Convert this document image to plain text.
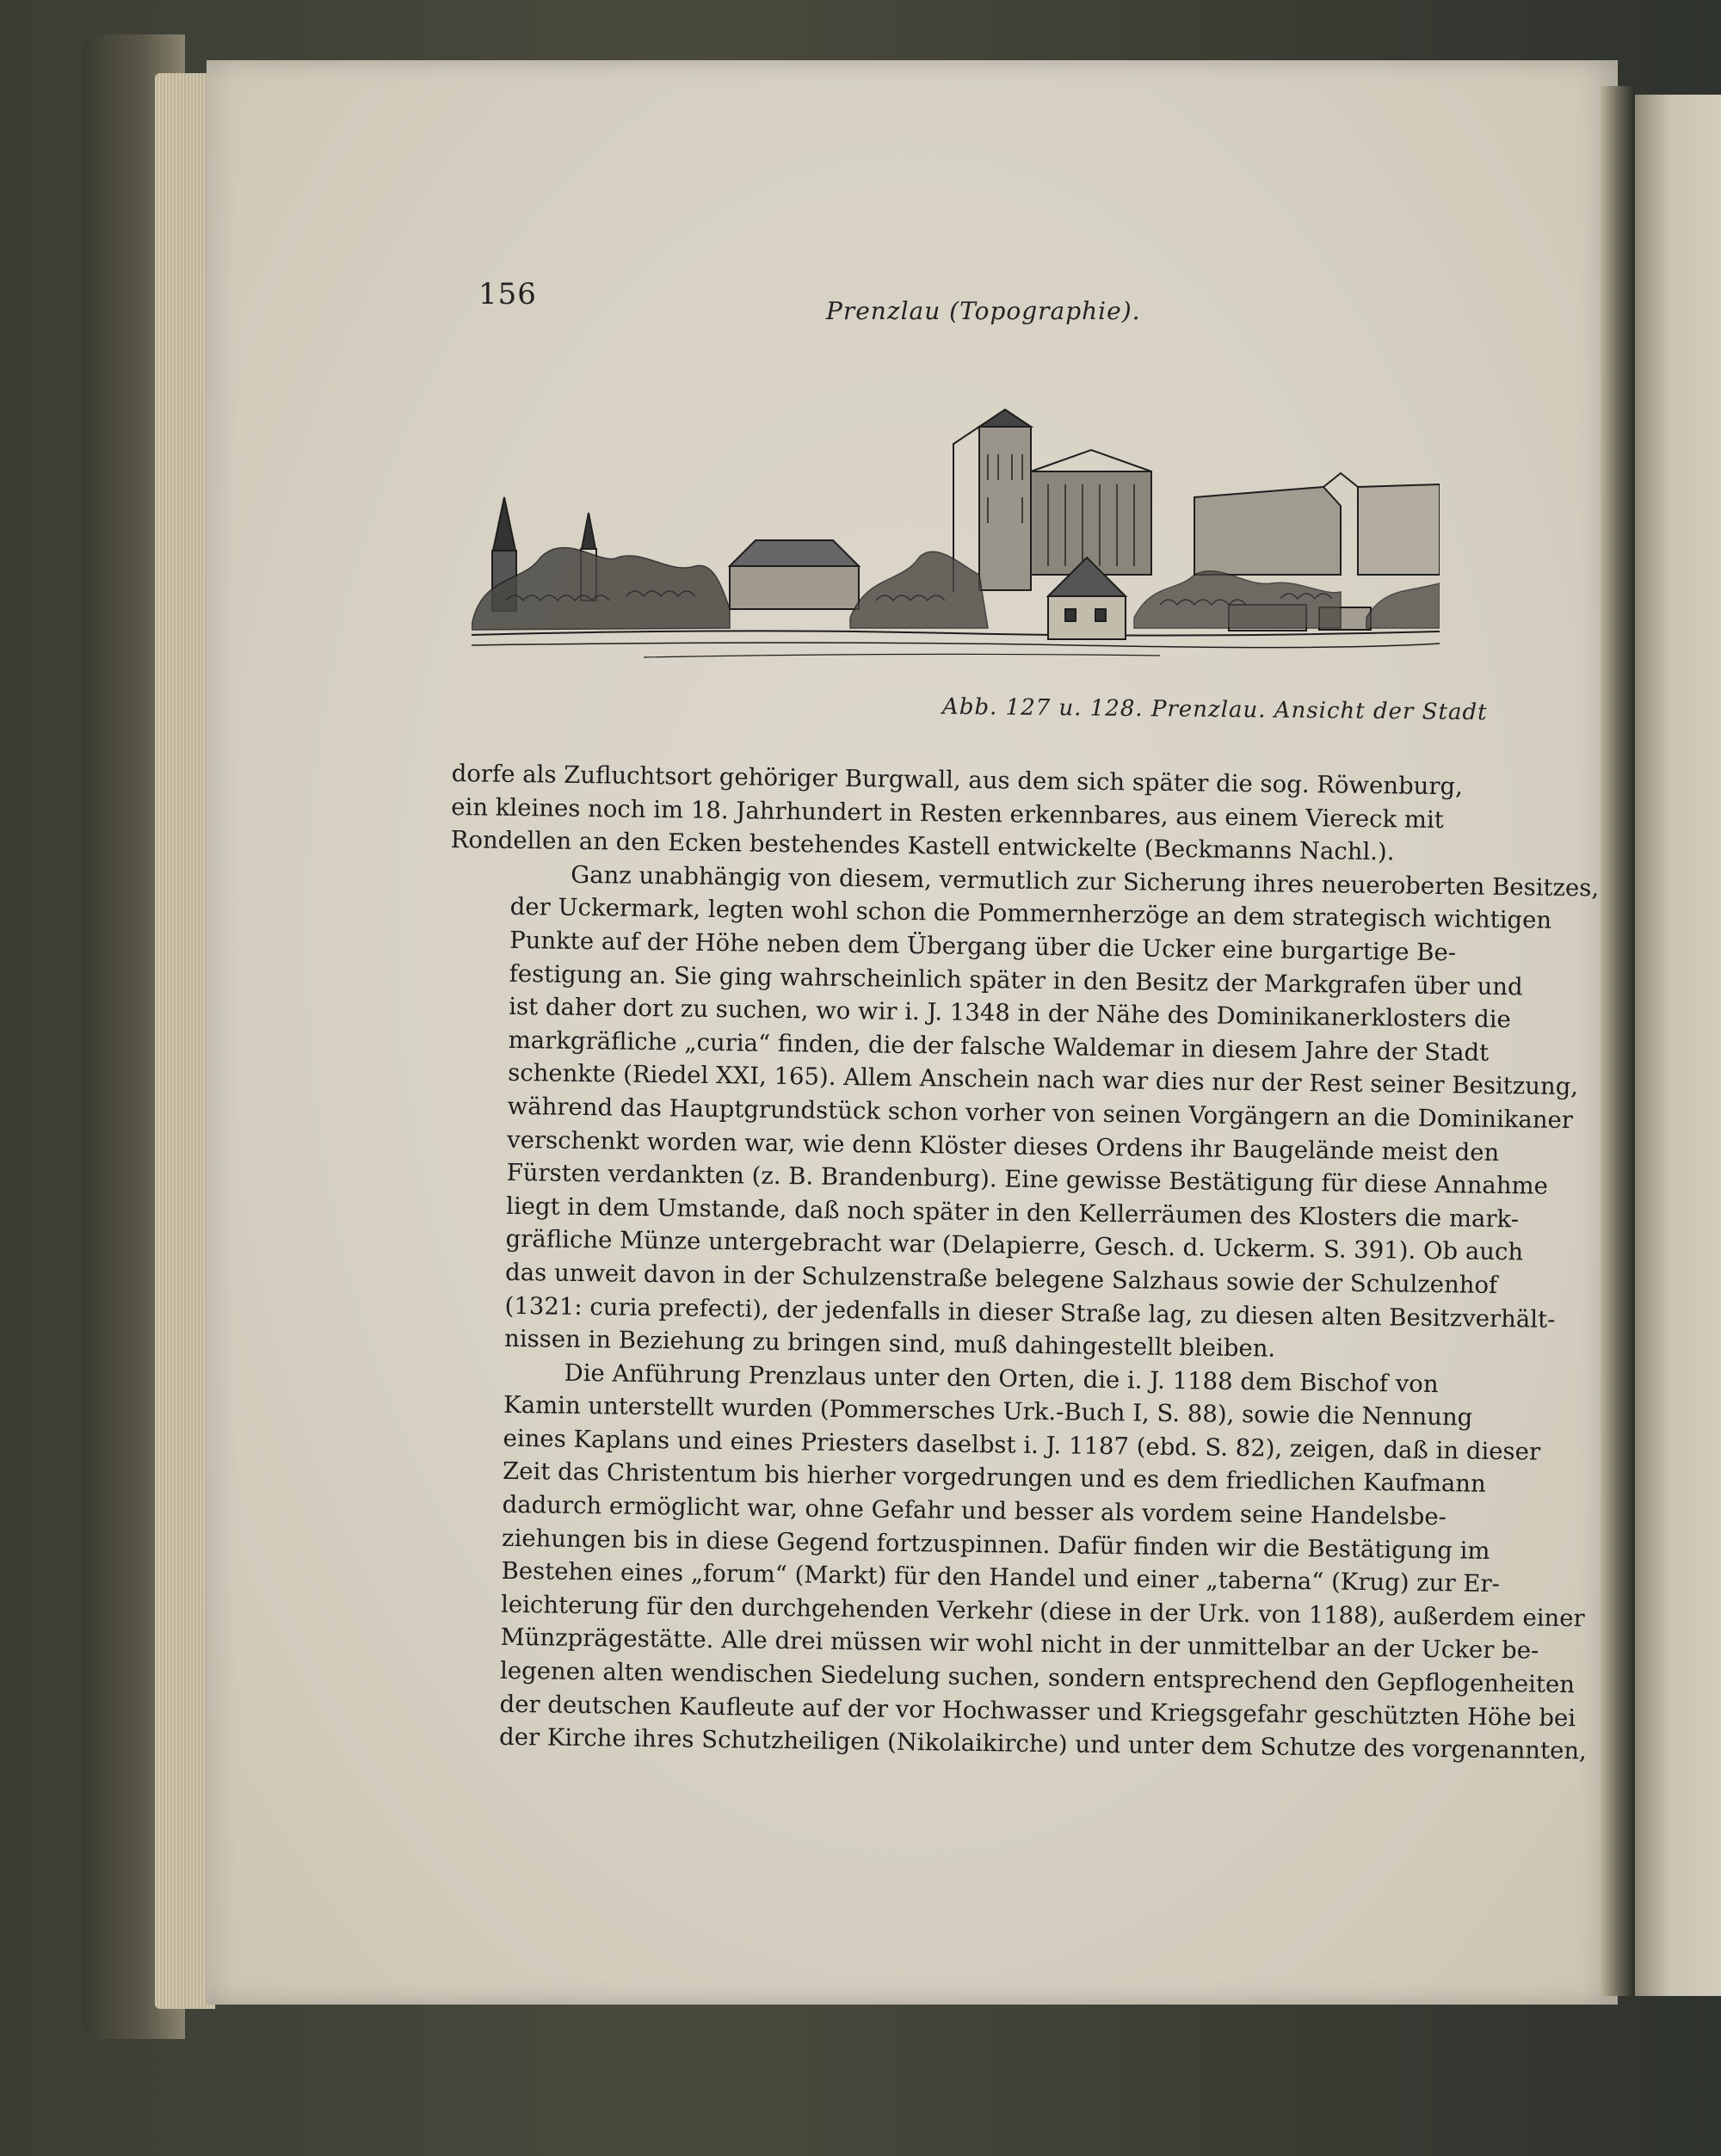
156	Prenzlau (Topographie).
Abb. 127 u. 128. Prenzlau. Ansicht der Stadt

dorfe als Zufluchtsort gehöriger Burgwall, aus dem sich später die sog. Röwenburg,
ein kleines noch im 18. Jahrhundert in Resten erkennbares, aus einem Viereck mit
Rondellen an den Ecken bestehendes Kastell entwickelte (Beckmanns Nachl.).

Ganz unabhängig von diesem, vermutlich zur Sicherung ihres neueroberten Besitzes,
der Uckermark, legten wohl schon die Pommernherzöge an dem strategisch wichtigen
Punkte auf der Höhe neben dem Übergang über die Ucker eine burgartige Be-
festigung an. Sie ging wahrscheinlich später in den Besitz der Markgrafen über und
ist daher dort zu suchen, wo wir i. J. 1348 in der Nähe des Dominikanerklosters die
markgräfliche „curia“ finden, die der falsche Waldemar in diesem Jahre der Stadt
schenkte (Riedel XXI, 165). Allem Anschein nach war dies nur der Rest seiner Besitzung,
während das Hauptgrundstück schon vorher von seinen Vorgängern an die Dominikaner
verschenkt worden war, wie denn Klöster dieses Ordens ihr Baugelände meist den
Fürsten verdankten (z. B. Brandenburg). Eine gewisse Bestätigung für diese Annahme
liegt in dem Umstande, daß noch später in den Kellerräumen des Klosters die mark-
gräfliche Münze untergebracht war (Delapierre, Gesch. d. Uckerm. S. 391). Ob auch
das unweit davon in der Schulzenstraße belegene Salzhaus sowie der Schulzenhof
(1321: curia prefecti), der jedenfalls in dieser Straße lag, zu diesen alten Besitzverhält-
nissen in Beziehung zu bringen sind, muß dahingestellt bleiben.

Die Anführung Prenzlaus unter den Orten, die i. J. 1188 dem Bischof von
Kamin unterstellt wurden (Pommersches Urk.-Buch I, S. 88), sowie die Nennung
eines Kaplans und eines Priesters daselbst i. J. 1187 (ebd. S. 82), zeigen, daß in dieser
Zeit das Christentum bis hierher vorgedrungen und es dem friedlichen Kaufmann
dadurch ermöglicht war, ohne Gefahr und besser als vordem seine Handelsbe-
ziehungen bis in diese Gegend fortzuspinnen. Dafür finden wir die Bestätigung im
Bestehen eines „forum“ (Markt) für den Handel und einer „taberna“ (Krug) zur Er-
leichterung für den durchgehenden Verkehr (diese in der Urk. von 1188), außerdem einer
Münzprägestätte. Alle drei müssen wir wohl nicht in der unmittelbar an der Ucker be-
legenen alten wendischen Siedelung suchen, sondern entsprechend den Gepflogenheiten
der deutschen Kaufleute auf der vor Hochwasser und Kriegsgefahr geschützten Höhe bei
der Kirche ihres Schutzheiligen (Nikolaikirche) und unter dem Schutze des vorgenannten,
